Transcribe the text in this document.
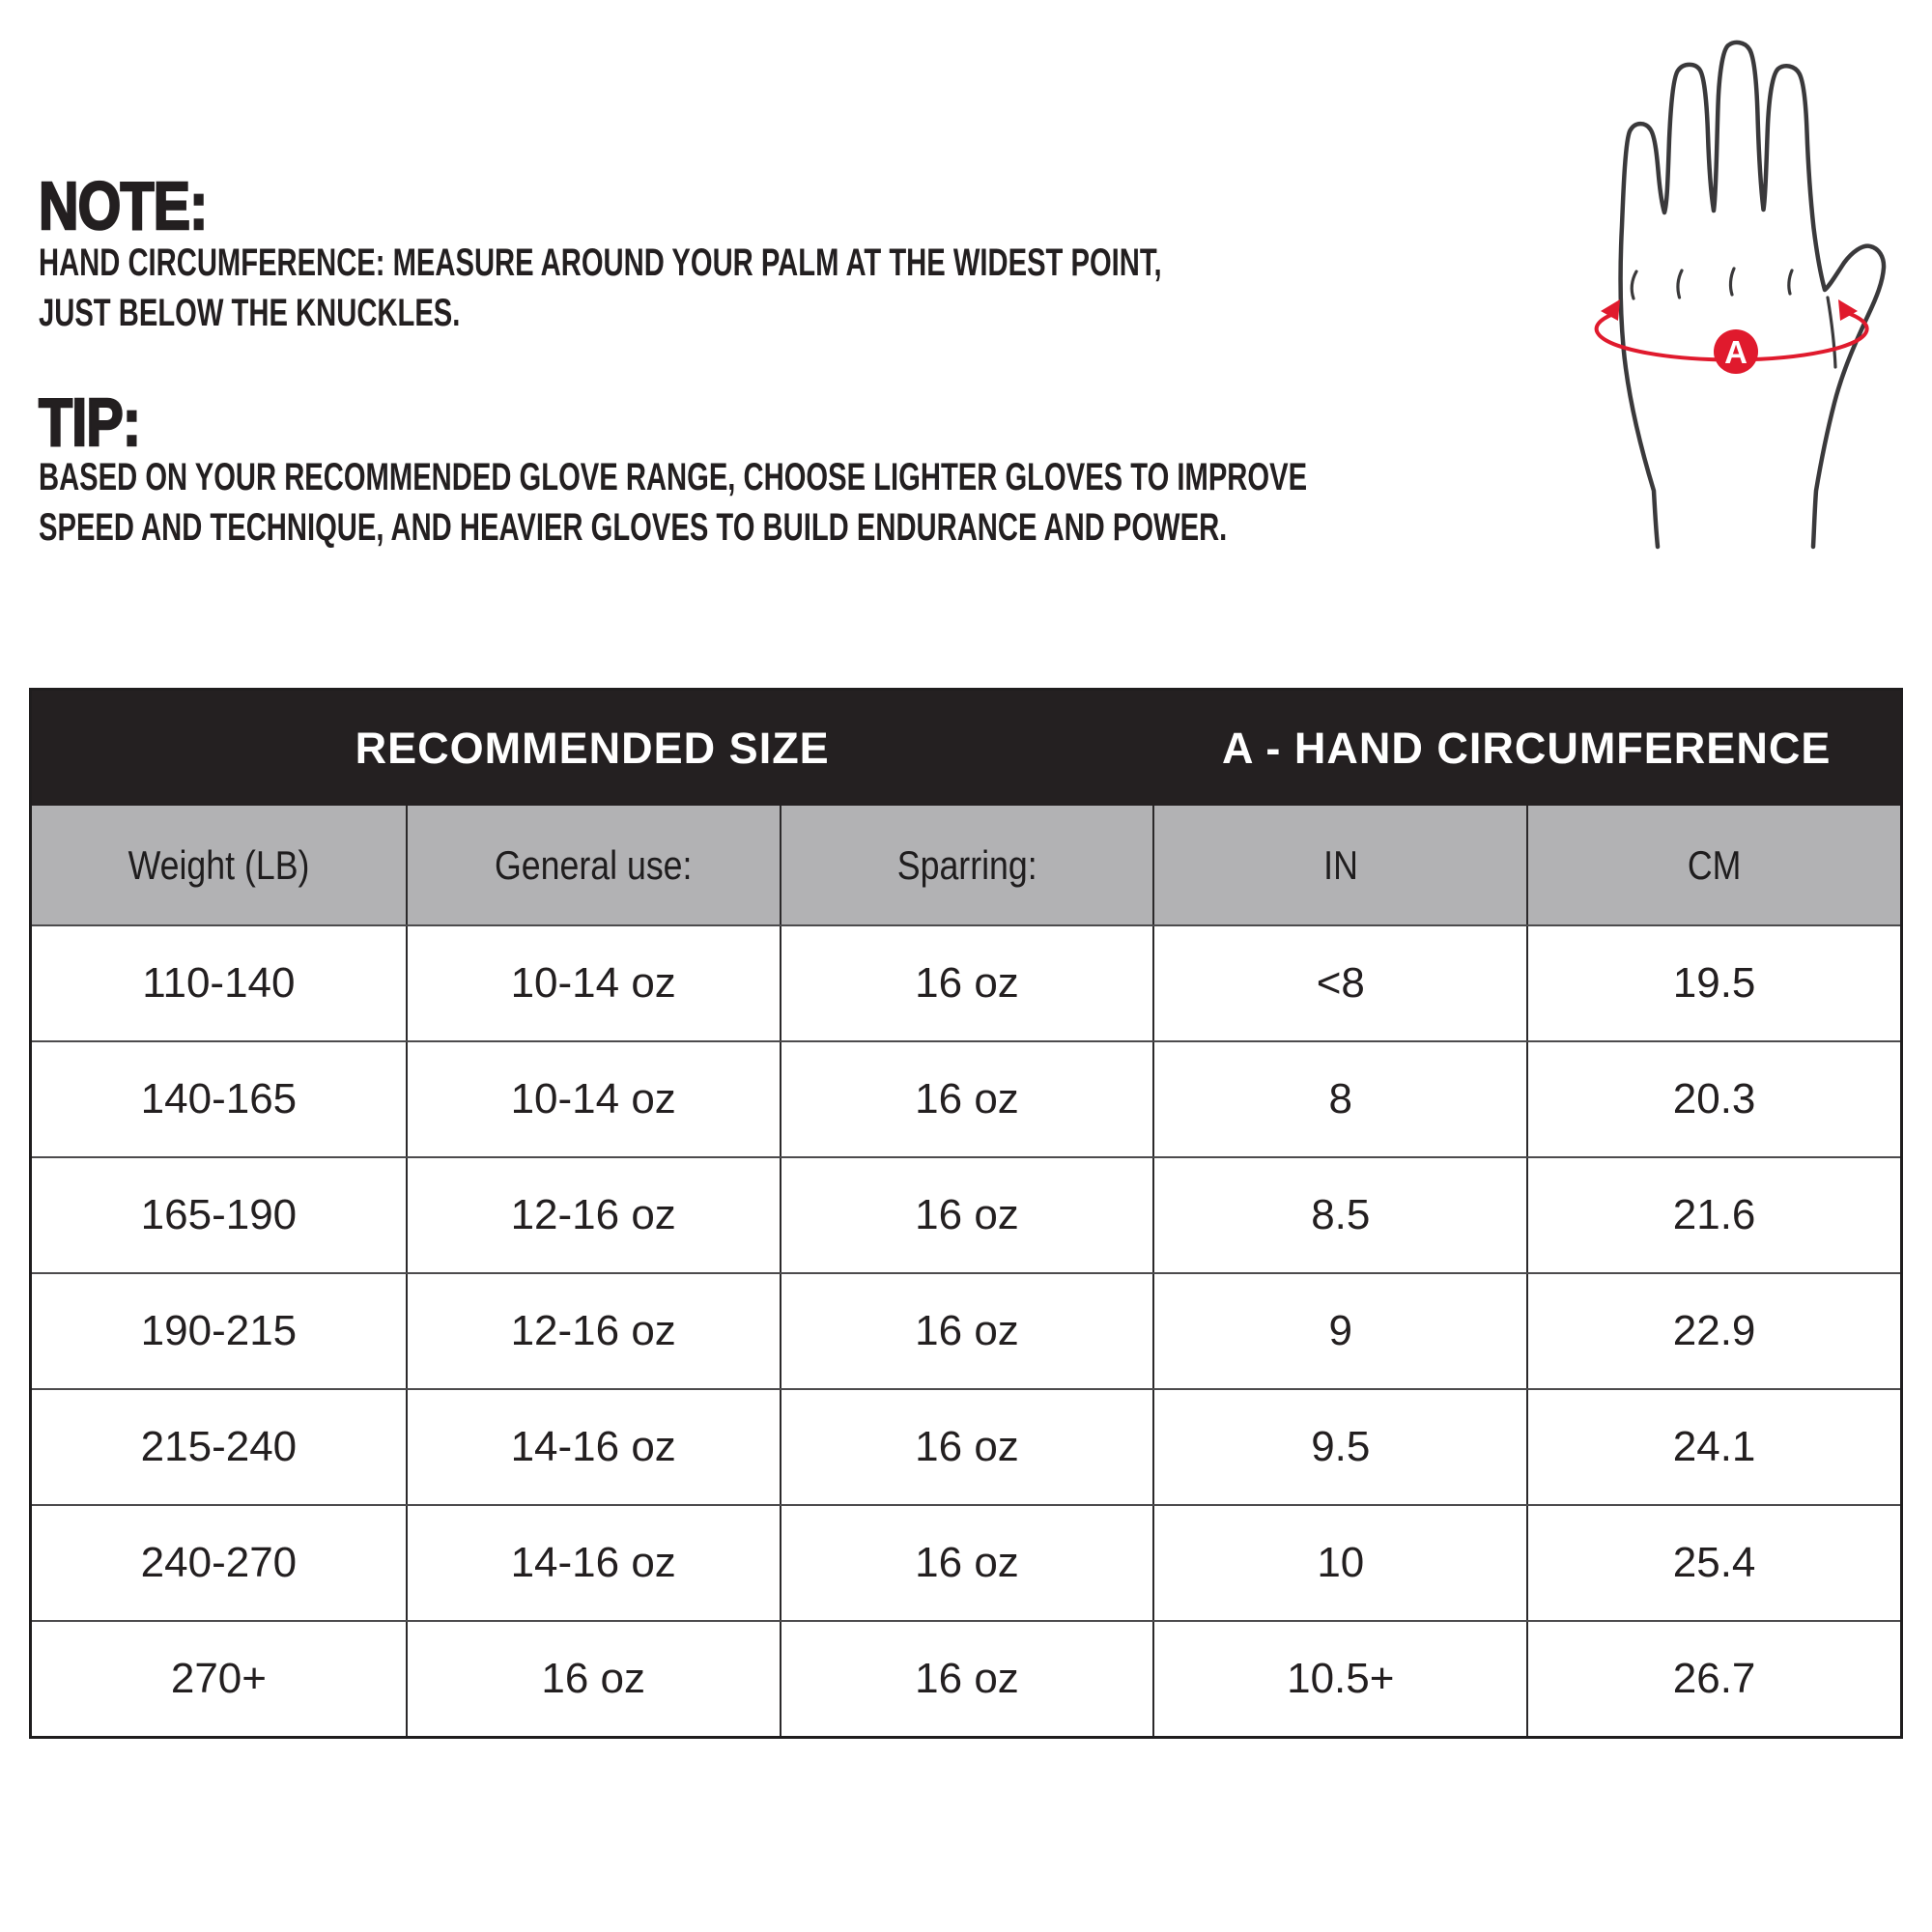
NOTE:
HAND CIRCUMFERENCE: MEASURE AROUND YOUR PALM AT THE WIDEST POINT,
JUST BELOW THE KNUCKLES.
TIP:
BASED ON YOUR RECOMMENDED GLOVE RANGE, CHOOSE LIGHTER GLOVES TO IMPROVE
SPEED AND TECHNIQUE, AND HEAVIER GLOVES TO BUILD ENDURANCE AND POWER.
A
RECOMMENDED SIZE	A - HAND CIRCUMFERENCE
Weight (LB)	General use:	Sparring:	IN	CM
110-140	10-14 oz	16 oz	<8	19.5
140-165	10-14 oz	16 oz	8	20.3
165-190	12-16 oz	16 oz	8.5	21.6
190-215	12-16 oz	16 oz	9	22.9
215-240	14-16 oz	16 oz	9.5	24.1
240-270	14-16 oz	16 oz	10	25.4
270+	16 oz	16 oz	10.5+	26.7
